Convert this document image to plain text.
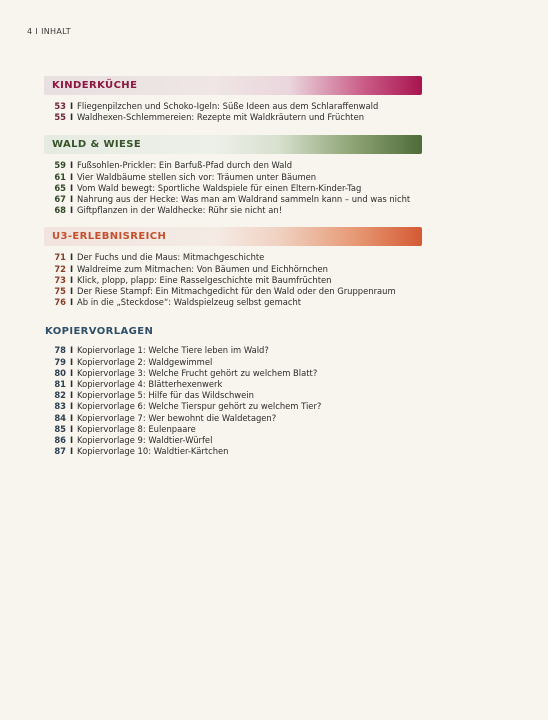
4 I INHALT
KINDERKÜCHE
53 I Fliegenpilzchen und Schoko-Igeln: Süße Ideen aus dem Schlaraffenwald
55 I Waldhexen-Schlemmereien: Rezepte mit Waldkräutern und Früchten
WALD & WIESE
59 I Fußsohlen-Prickler: Ein Barfuß-Pfad durch den Wald
61 I Vier Waldbäume stellen sich vor: Träumen unter Bäumen
65 I Vom Wald bewegt: Sportliche Waldspiele für einen Eltern-Kinder-Tag
67 I Nahrung aus der Hecke: Was man am Waldrand sammeln kann – und was nicht
68 I Giftpflanzen in der Waldhecke: Rühr sie nicht an!
U3-ERLEBNISREICH
71 I Der Fuchs und die Maus: Mitmachgeschichte
72 I Waldreime zum Mitmachen: Von Bäumen und Eichhörnchen
73 I Klick, plopp, plapp: Eine Rasselgeschichte mit Baumfrüchten
75 I Der Riese Stampf: Ein Mitmachgedicht für den Wald oder den Gruppenraum
76 I Ab in die „Steckdose“: Waldspielzeug selbst gemacht
KOPIERVORLAGEN
78 I Kopiervorlage 1: Welche Tiere leben im Wald?
79 I Kopiervorlage 2: Waldgewimmel
80 I Kopiervorlage 3: Welche Frucht gehört zu welchem Blatt?
81 I Kopiervorlage 4: Blätterhexenwerk
82 I Kopiervorlage 5: Hilfe für das Wildschwein
83 I Kopiervorlage 6: Welche Tierspur gehört zu welchem Tier?
84 I Kopiervorlage 7: Wer bewohnt die Waldetagen?
85 I Kopiervorlage 8: Eulenpaare
86 I Kopiervorlage 9: Waldtier-Würfel
87 I Kopiervorlage 10: Waldtier-Kärtchen
